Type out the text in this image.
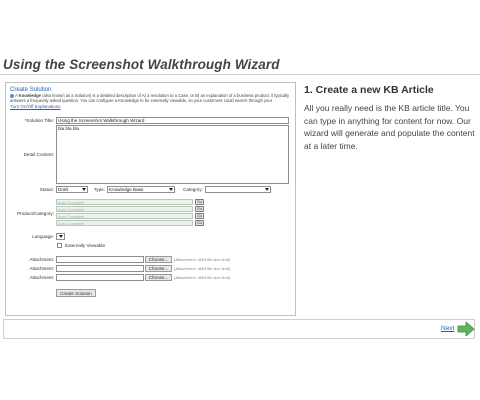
Using the Screenshot Walkthrough Wizard
Create Solution
A Knowledge (also known as a Solution) is a detailed description of A) a resolution to a Case, or B) an explanation of a business product; it typically answers a frequently asked question. You can configure a Knowledge to be externally viewable, so your customers could search through your
Turn On/Off Explanations
*Solution Title: Using the Screenshot Walkthrough Wizard
Detail Content:
bla bla bla
Status: Draft	Type: Knowledge Base	Category:
Product/Category:
Auto Complete	Go
Auto Complete	Go
Auto Complete	Go
Auto Complete	Go
Language:
Externally Viewable
Attachment:	Choose...	(Attachment: 4MB file size limit)
Attachment:	Choose...	(Attachment: 4MB file size limit)
Attachment:	Choose...	(Attachment: 4MB file size limit)
Create Solution
1. Create a new KB Article
All you really need is the KB article title. You can type in anything for content for now. Our wizard will generate and populate the content at a later time.
Next
